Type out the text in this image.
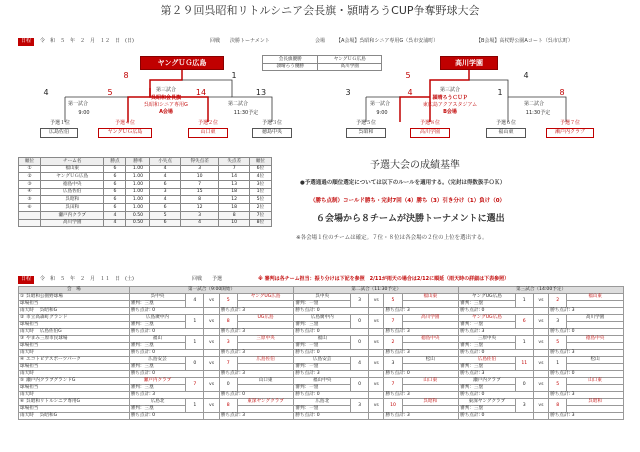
第２９回呉昭和リトルシニア会長旗・頴晴ろうCUP争奪野球大会
日程	令　和　５　年　２　月　１２　日　(日)	回戦　　決勝トーナメント	会場 【A会場】呉昭和シニア専用G（呉市安浦町）	【B会場】高杖野公園Aコート（呉市広町）
ヤングＵＧ広島	高川学園
会長旗優勝	ヤングＵＧ広島
頴晴ろう優勝	高川学園
8	1
4	5	14	13
第三試合
呉昭和会長旗
呉昭和シニア専用G
A会場	11:30予定
第一試合
9:00
第二試合
予選１位
広島佐伯
予選４位
ヤングＵＧ広島
予選２位
山口東
予選３位
徳島中央
5	4
3	4	1	8
第三試合
頴晴ろうＣＵＰ
東広島アクアスタジアム
B会場	11:30予定
第一試合
9:00
第二試合
予選５位
呉昭和
予選８位
高川学園
予選６位
福山東
予選７位
瀬戸内クラブ
順位	チーム名	勝点	勝率	小失点	得失点差	失点差	順位
①	福山東	6	1.00	4	3	7	6位
②	ヤングＵＧ広島	6	1.00	4	10	14	4位
③	徳島中央	6	1.00	6	7	13	3位
④	広島佐伯	6	1.00	3	15	18	1位
⑤	呉昭和	6	1.00	4	8	12	5位
⑥	呉田和	6	1.00	6	12	18	2位
	瀬戸内クラブ	4	0.50	5	3	8	7位
	高川学園	4	0.50	6	4	10	8位
予選大会の成績基準
●予選通過の順位選定については以下のルールを適用する。（完封は得数扱手ＯＫ）
（勝ち点制）コールド勝ち・完封7回（4）勝ち（3）引き分け（1）負け（0）
６会場から８チームが決勝トーナメントに選出
※各会場１位のチームは確定。７位・８位は各会場の２位の上位を選出する。
日程	令　和　５　年　２　月　１１　日　(土)	回戦　　予選	※ 審判は各チーム担当：振り分けは下記を参照　2/11が雨天の場合は2/12に順延（雨天時の詳細は下表参照）
会　場	第一試合（9:00開始）					第二試合（11:30予定）					第三試合（14:00予定）				
① 呉昭和公園野球場	呉中央	4	vs	5	ヤングUG広島	呉中央	3	vs	5	福山東	ヤングUG広島	1	vs	2	福山東
球場担当	審判：三塁					審判：一塁					審判：三塁				
雨天時 呉昭和G	勝ち点計: 0			勝ち点計: 3		勝ち点計: 0			勝ち点計: 3		勝ち点計: 0			勝ち点計: 3	
② 市立高森町グランド	広島廣中内	1	vs	8	UG広島	広島廣中内	0	vs	7	高川学園	ヤングUG広島	6	vs	3	高川学園
球場担当	審判：三塁					審判：三塁					審判：一塁				
雨天時 広島佐伯G	勝ち点計: 0			勝ち点計: 3		勝ち点計: 0			勝ち点計: 3		勝ち点計: 3			勝ち点計: 0	
③ やまみ三原市民球場	福山	1	vs	3	三原中央	福山	0	vs	2	徳島中央	三原中央	1	vs	5	徳島中央
球場担当	審判：三塁					審判：一塁					審判：三塁				
雨天時	勝ち点計: 0			勝ち点計: 3		勝ち点計: 0			勝ち点計: 3		勝ち点計: 0			勝ち点計: 3	
④ エコトピアスポーツパーク	広島安芸	0	vs	7	広島佐伯	広島安芸	4	vs	3	松山	広島佐伯	11	vs	1	松山
球場担当	審判：三塁					審判：一塁					審判：三塁				
雨天時	勝ち点計: 0			勝ち点計: 3		勝ち点計: 3			勝ち点計: 0		勝ち点計: 3			勝ち点計: 0	
⑤ 瀬戸内クラブグランドG	瀬戸内クラブ	7	vs	0	山口東	福山中央	0	vs	7	山口東	瀬戸内クラブ	0	vs	5	山口東
球場担当	審判：三塁					審判：一塁					審判：三塁				
雨天時	勝ち点計: 3			勝ち点計: 0		勝ち点計: 0			勝ち点計: 3		勝ち点計: 0			勝ち点計: 3	
⑥ 呉昭和リトルシニア専用G	広島北	1	vs	8	東深ヤングクラブ	広島北	3	vs	10	呉昭和	東深ヤングクラブ	3	vs	8	呉昭和
球場担当	審判：三塁					審判：一塁					審判：三塁				
雨天時 呉昭和G	勝ち点計: 0			勝ち点計: 3		勝ち点計: 0			勝ち点計: 3		勝ち点計: 0			勝ち点計: 3	
